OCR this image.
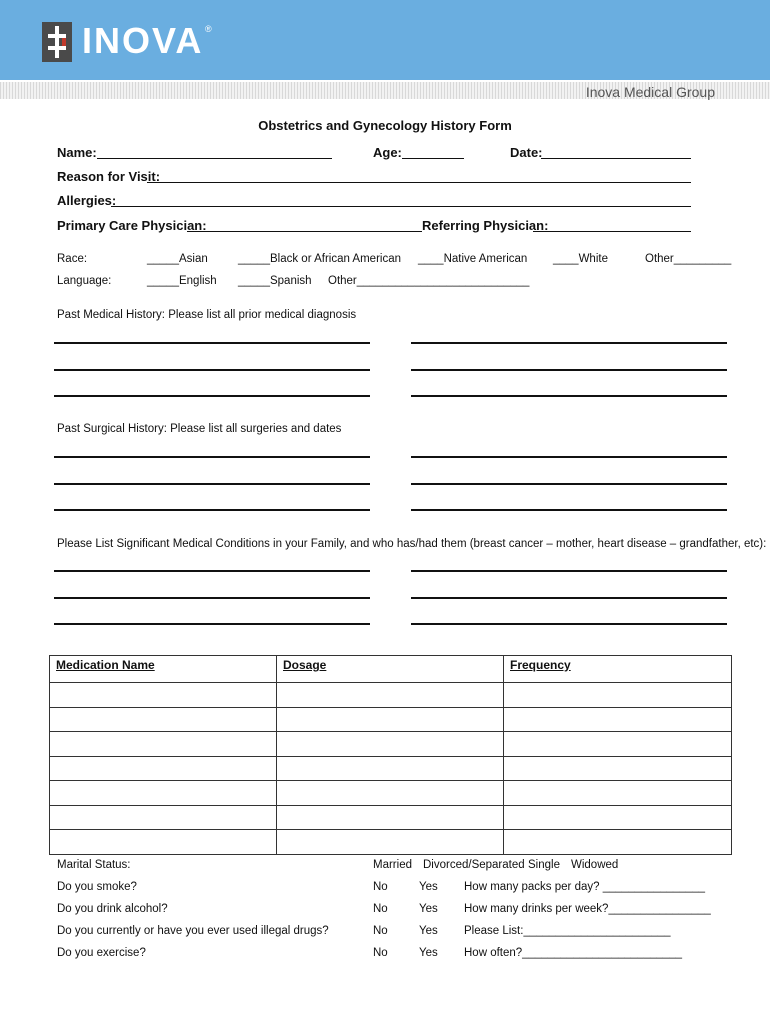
INOVA ®
Inova Medical Group
Obstetrics and Gynecology History Form
Name:	Age:	Date:
Reason for Visit:
Allergies:
Primary Care Physician:	Referring Physician:
Race:	_____Asian	_____Black or African American ____Native American ____White	Other_________
Language:	_____English _____Spanish Other___________________________
Past Medical History: Please list all prior medical diagnosis
Past Surgical History: Please list all surgeries and dates
Please List Significant Medical Conditions in your Family, and who has/had them (breast cancer – mother, heart disease – grandfather, etc):
Medication Name	Dosage	Frequency

Marital Status:	Married Divorced/Separated Single Widowed
Do you smoke?	No	Yes How many packs per day? ________________
Do you drink alcohol?	No	Yes How many drinks per week?________________
Do you currently or have you ever used illegal drugs?	No	Yes Please List:_______________________
Do you exercise?	No	Yes How often?_________________________
